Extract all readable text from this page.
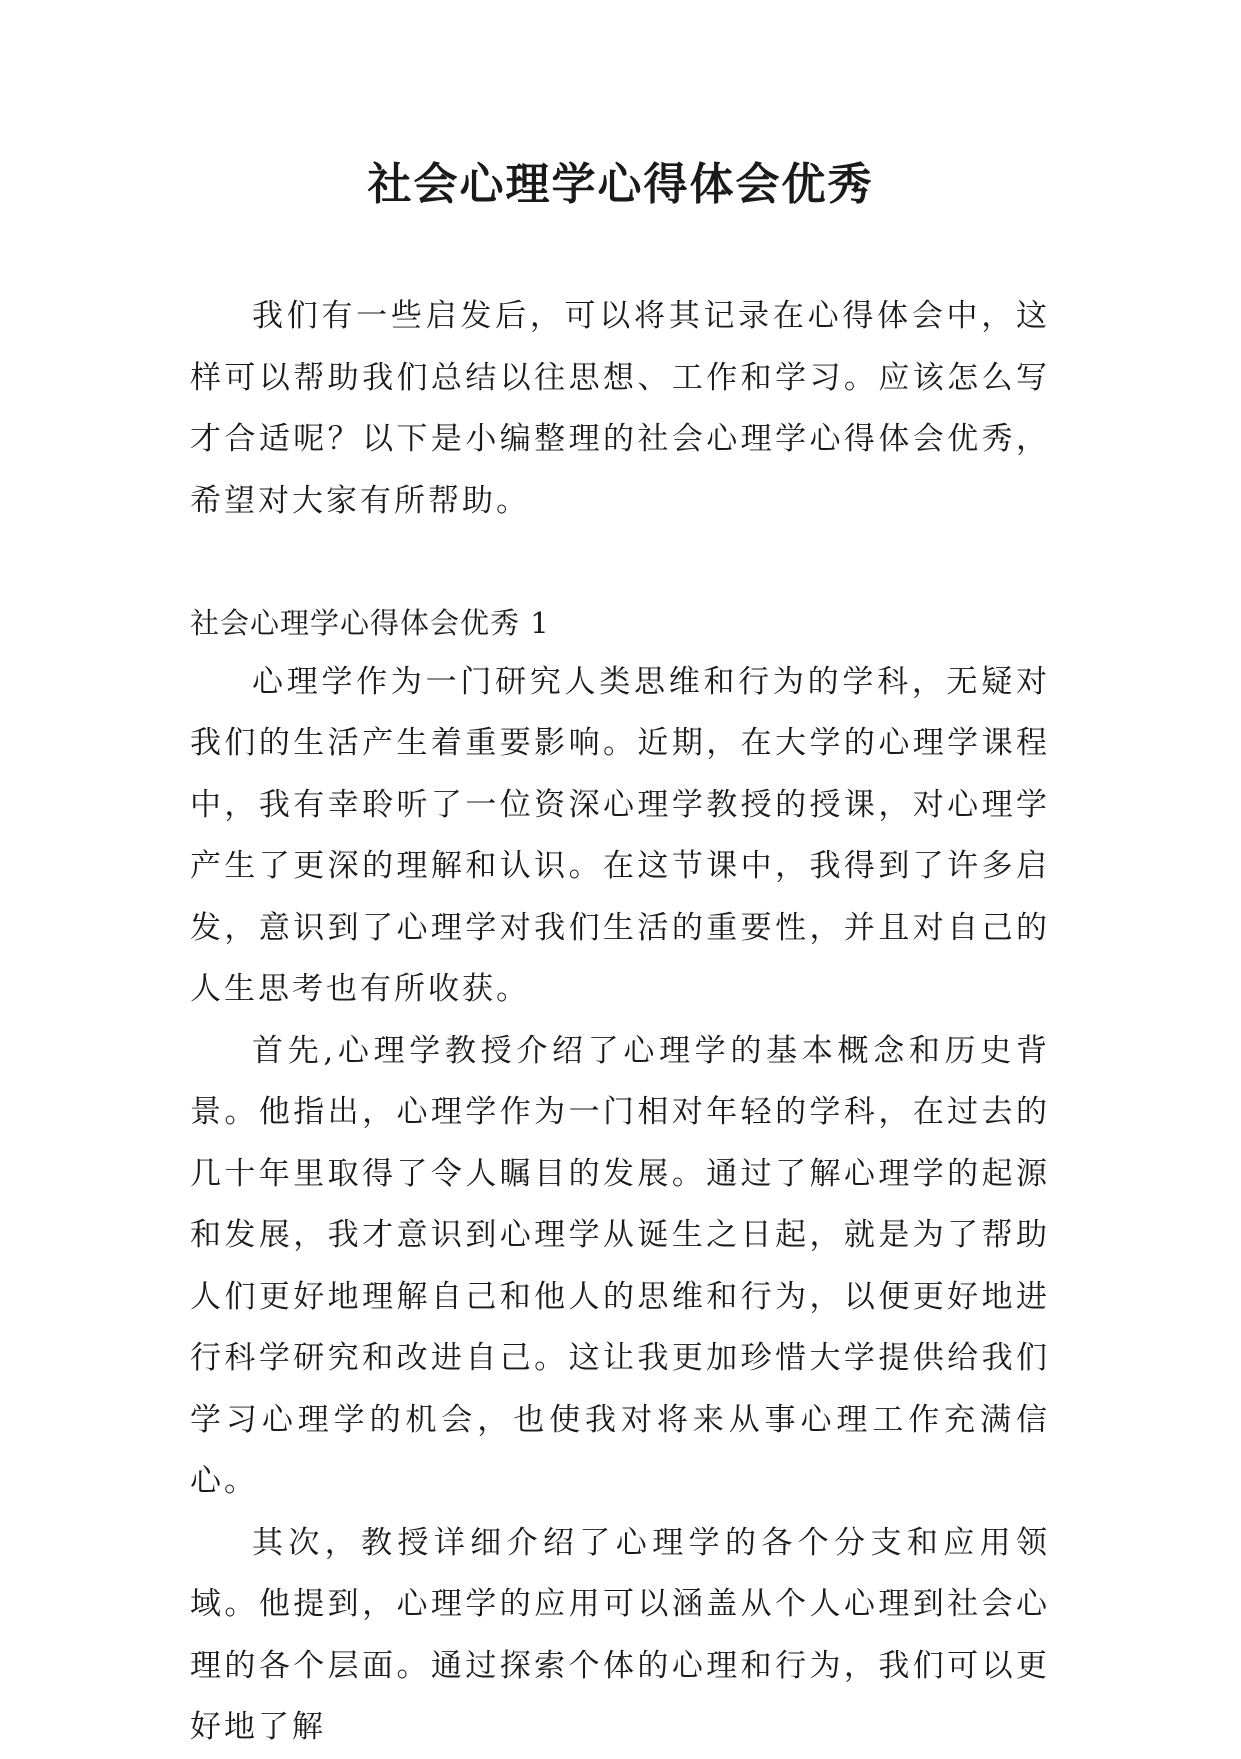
社会心理学心得体会优秀

我们有一些启发后，可以将其记录在心得体会中，这样可以帮助我们总结以往思想、工作和学习。应该怎么写才合适呢？以下是小编整理的社会心理学心得体会优秀，希望对大家有所帮助。

社会心理学心得体会优秀 1

心理学作为一门研究人类思维和行为的学科，无疑对我们的生活产生着重要影响。近期，在大学的心理学课程中，我有幸聆听了一位资深心理学教授的授课，对心理学产生了更深的理解和认识。在这节课中，我得到了许多启发，意识到了心理学对我们生活的重要性，并且对自己的人生思考也有所收获。

首先,心理学教授介绍了心理学的基本概念和历史背景。他指出，心理学作为一门相对年轻的学科，在过去的几十年里取得了令人瞩目的发展。通过了解心理学的起源和发展，我才意识到心理学从诞生之日起，就是为了帮助人们更好地理解自己和他人的思维和行为，以便更好地进行科学研究和改进自己。这让我更加珍惜大学提供给我们学习心理学的机会，也使我对将来从事心理工作充满信心。

其次，教授详细介绍了心理学的各个分支和应用领域。他提到，心理学的应用可以涵盖从个人心理到社会心理的各个层面。通过探索个体的心理和行为，我们可以更好地了解
